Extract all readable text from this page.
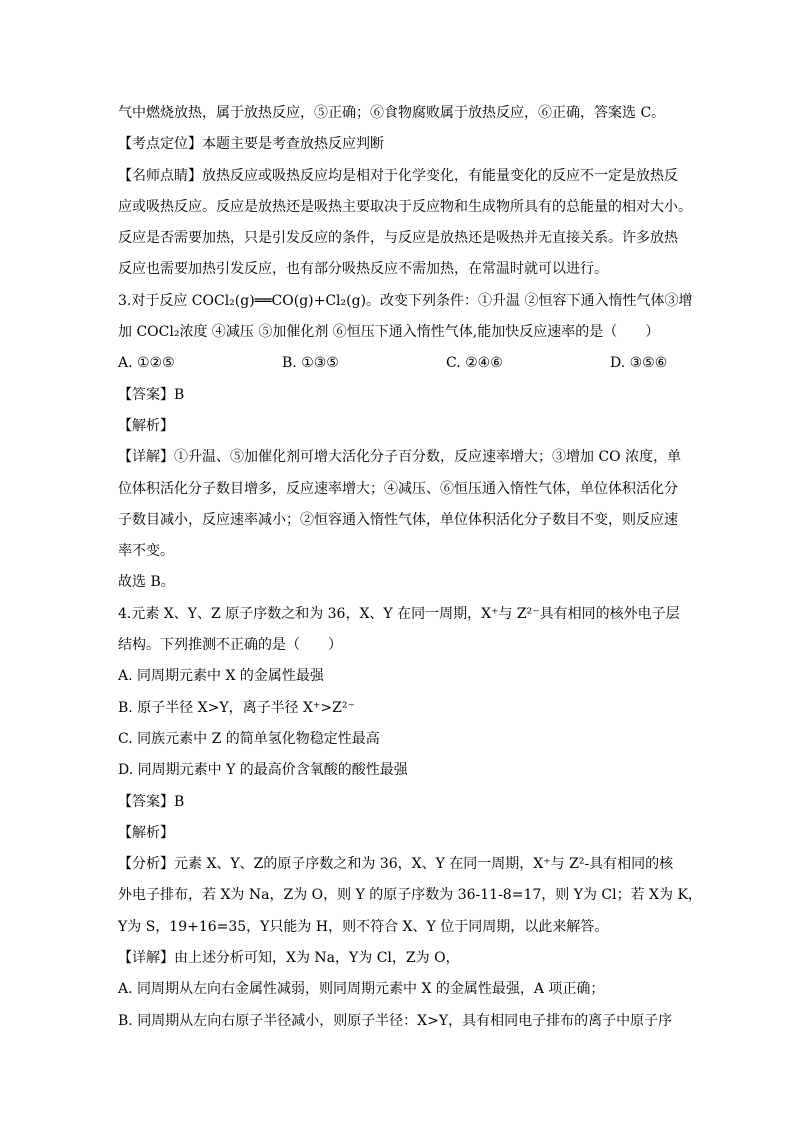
气中燃烧放热，属于放热反应，⑤正确；⑥食物腐败属于放热反应，⑥正确，答案选 C。

【考点定位】本题主要是考查放热反应判断

【名师点睛】放热反应或吸热反应均是相对于化学变化，有能量变化的反应不一定是放热反

应或吸热反应。反应是放热还是吸热主要取决于反应物和生成物所具有的总能量的相对大小。

反应是否需要加热，只是引发反应的条件，与反应是放热还是吸热并无直接关系。许多放热

反应也需要加热引发反应，也有部分吸热反应不需加热，在常温时就可以进行。

3.对于反应 COCl₂(g)══CO(g)+Cl₂(g)。改变下列条件：①升温 ②恒容下通入惰性气体③增

加 COCl₂浓度 ④减压 ⑤加催化剂 ⑥恒压下通入惰性气体,能加快反应速率的是（　　）

A. ①②⑤	B. ①③⑤	C. ②④⑥	D. ③⑤⑥

【答案】B

【解析】

【详解】①升温、⑤加催化剂可增大活化分子百分数，反应速率增大；③增加 CO 浓度，单

位体积活化分子数目增多，反应速率增大；④减压、⑥恒压通入惰性气体，单位体积活化分

子数目减小，反应速率减小；②恒容通入惰性气体，单位体积活化分子数目不变，则反应速

率不变。

故选 B。

4.元素 X、Y、Z 原子序数之和为 36，X、Y 在同一周期，X⁺与 Z²⁻具有相同的核外电子层

结构。下列推测不正确的是（　　）

A. 同周期元素中 X 的金属性最强

B. 原子半径 X>Y，离子半径 X⁺>Z²⁻

C. 同族元素中 Z 的简单氢化物稳定性最高

D. 同周期元素中 Y 的最高价含氧酸的酸性最强

【答案】B

【解析】

【分析】元素 X、Y、Z的原子序数之和为 36，X、Y 在同一周期，X⁺与 Z²-具有相同的核

外电子排布，若 X为 Na，Z为 O，则 Y 的原子序数为 36-11-8=17，则 Y为 Cl；若 X为 K，

Y为 S，19+16=35，Y只能为 H，则不符合 X、Y 位于同周期，以此来解答。

【详解】由上述分析可知，X为 Na，Y为 Cl，Z为 O，

A. 同周期从左向右金属性减弱，则同周期元素中 X 的金属性最强，A 项正确；

B. 同周期从左向右原子半径减小，则原子半径：X>Y，具有相同电子排布的离子中原子序
